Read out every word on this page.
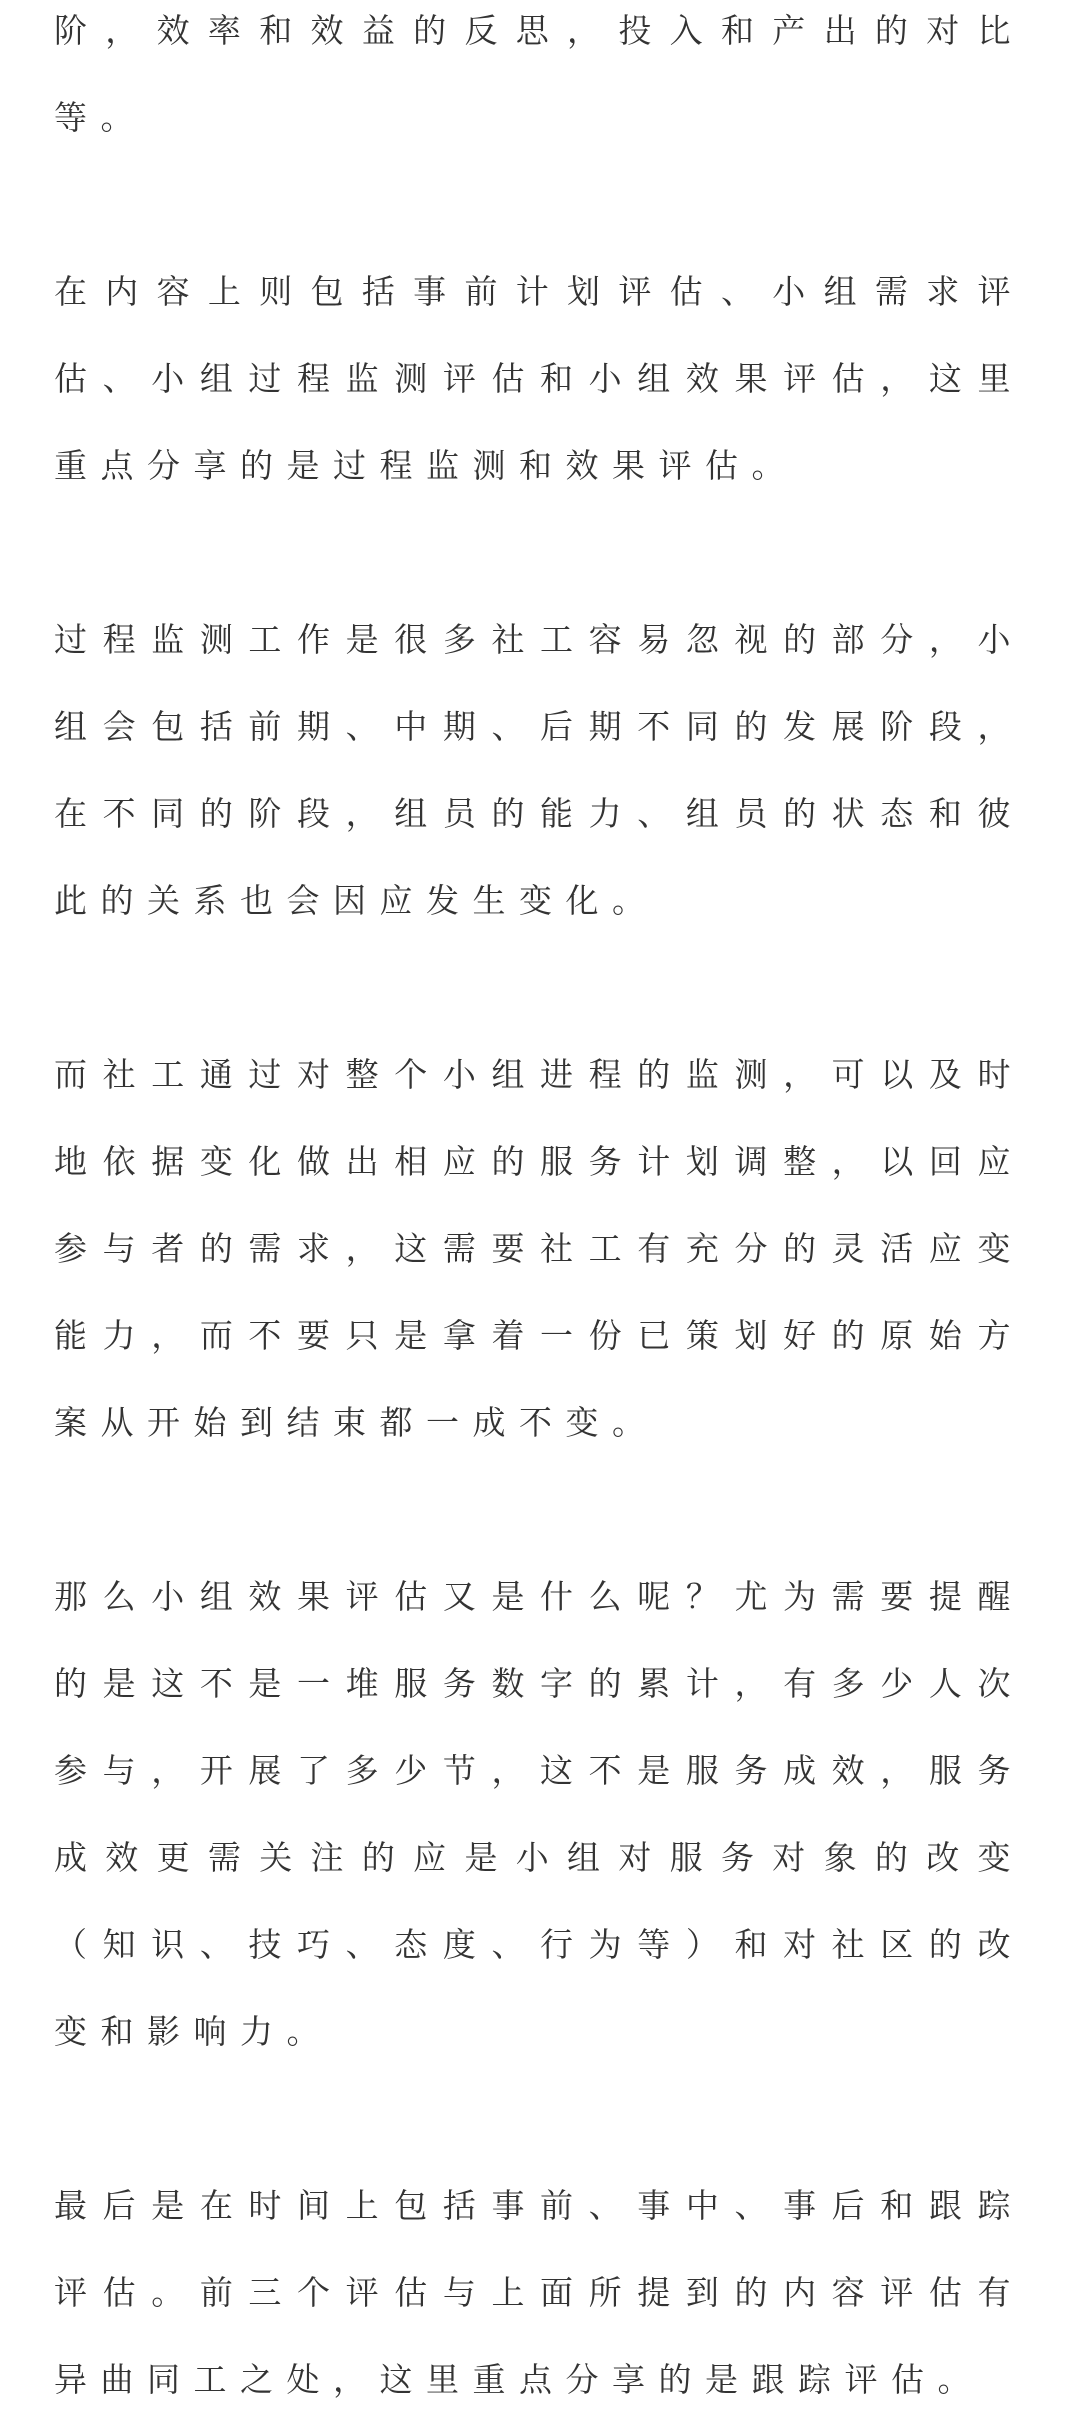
阶，效率和效益的反思，投入和产出的对比等。

在内容上则包括事前计划评估、小组需求评估、小组过程监测评估和小组效果评估，这里重点分享的是过程监测和效果评估。

过程监测工作是很多社工容易忽视的部分，小组会包括前期、中期、后期不同的发展阶段，在不同的阶段，组员的能力、组员的状态和彼此的关系也会因应发生变化。

而社工通过对整个小组进程的监测，可以及时地依据变化做出相应的服务计划调整，以回应参与者的需求，这需要社工有充分的灵活应变能力，而不要只是拿着一份已策划好的原始方案从开始到结束都一成不变。

那么小组效果评估又是什么呢？尤为需要提醒的是这不是一堆服务数字的累计，有多少人次参与，开展了多少节，这不是服务成效，服务成效更需关注的应是小组对服务对象的改变（知识、技巧、态度、行为等）和对社区的改变和影响力。

最后是在时间上包括事前、事中、事后和跟踪评估。前三个评估与上面所提到的内容评估有异曲同工之处，这里重点分享的是跟踪评估。
